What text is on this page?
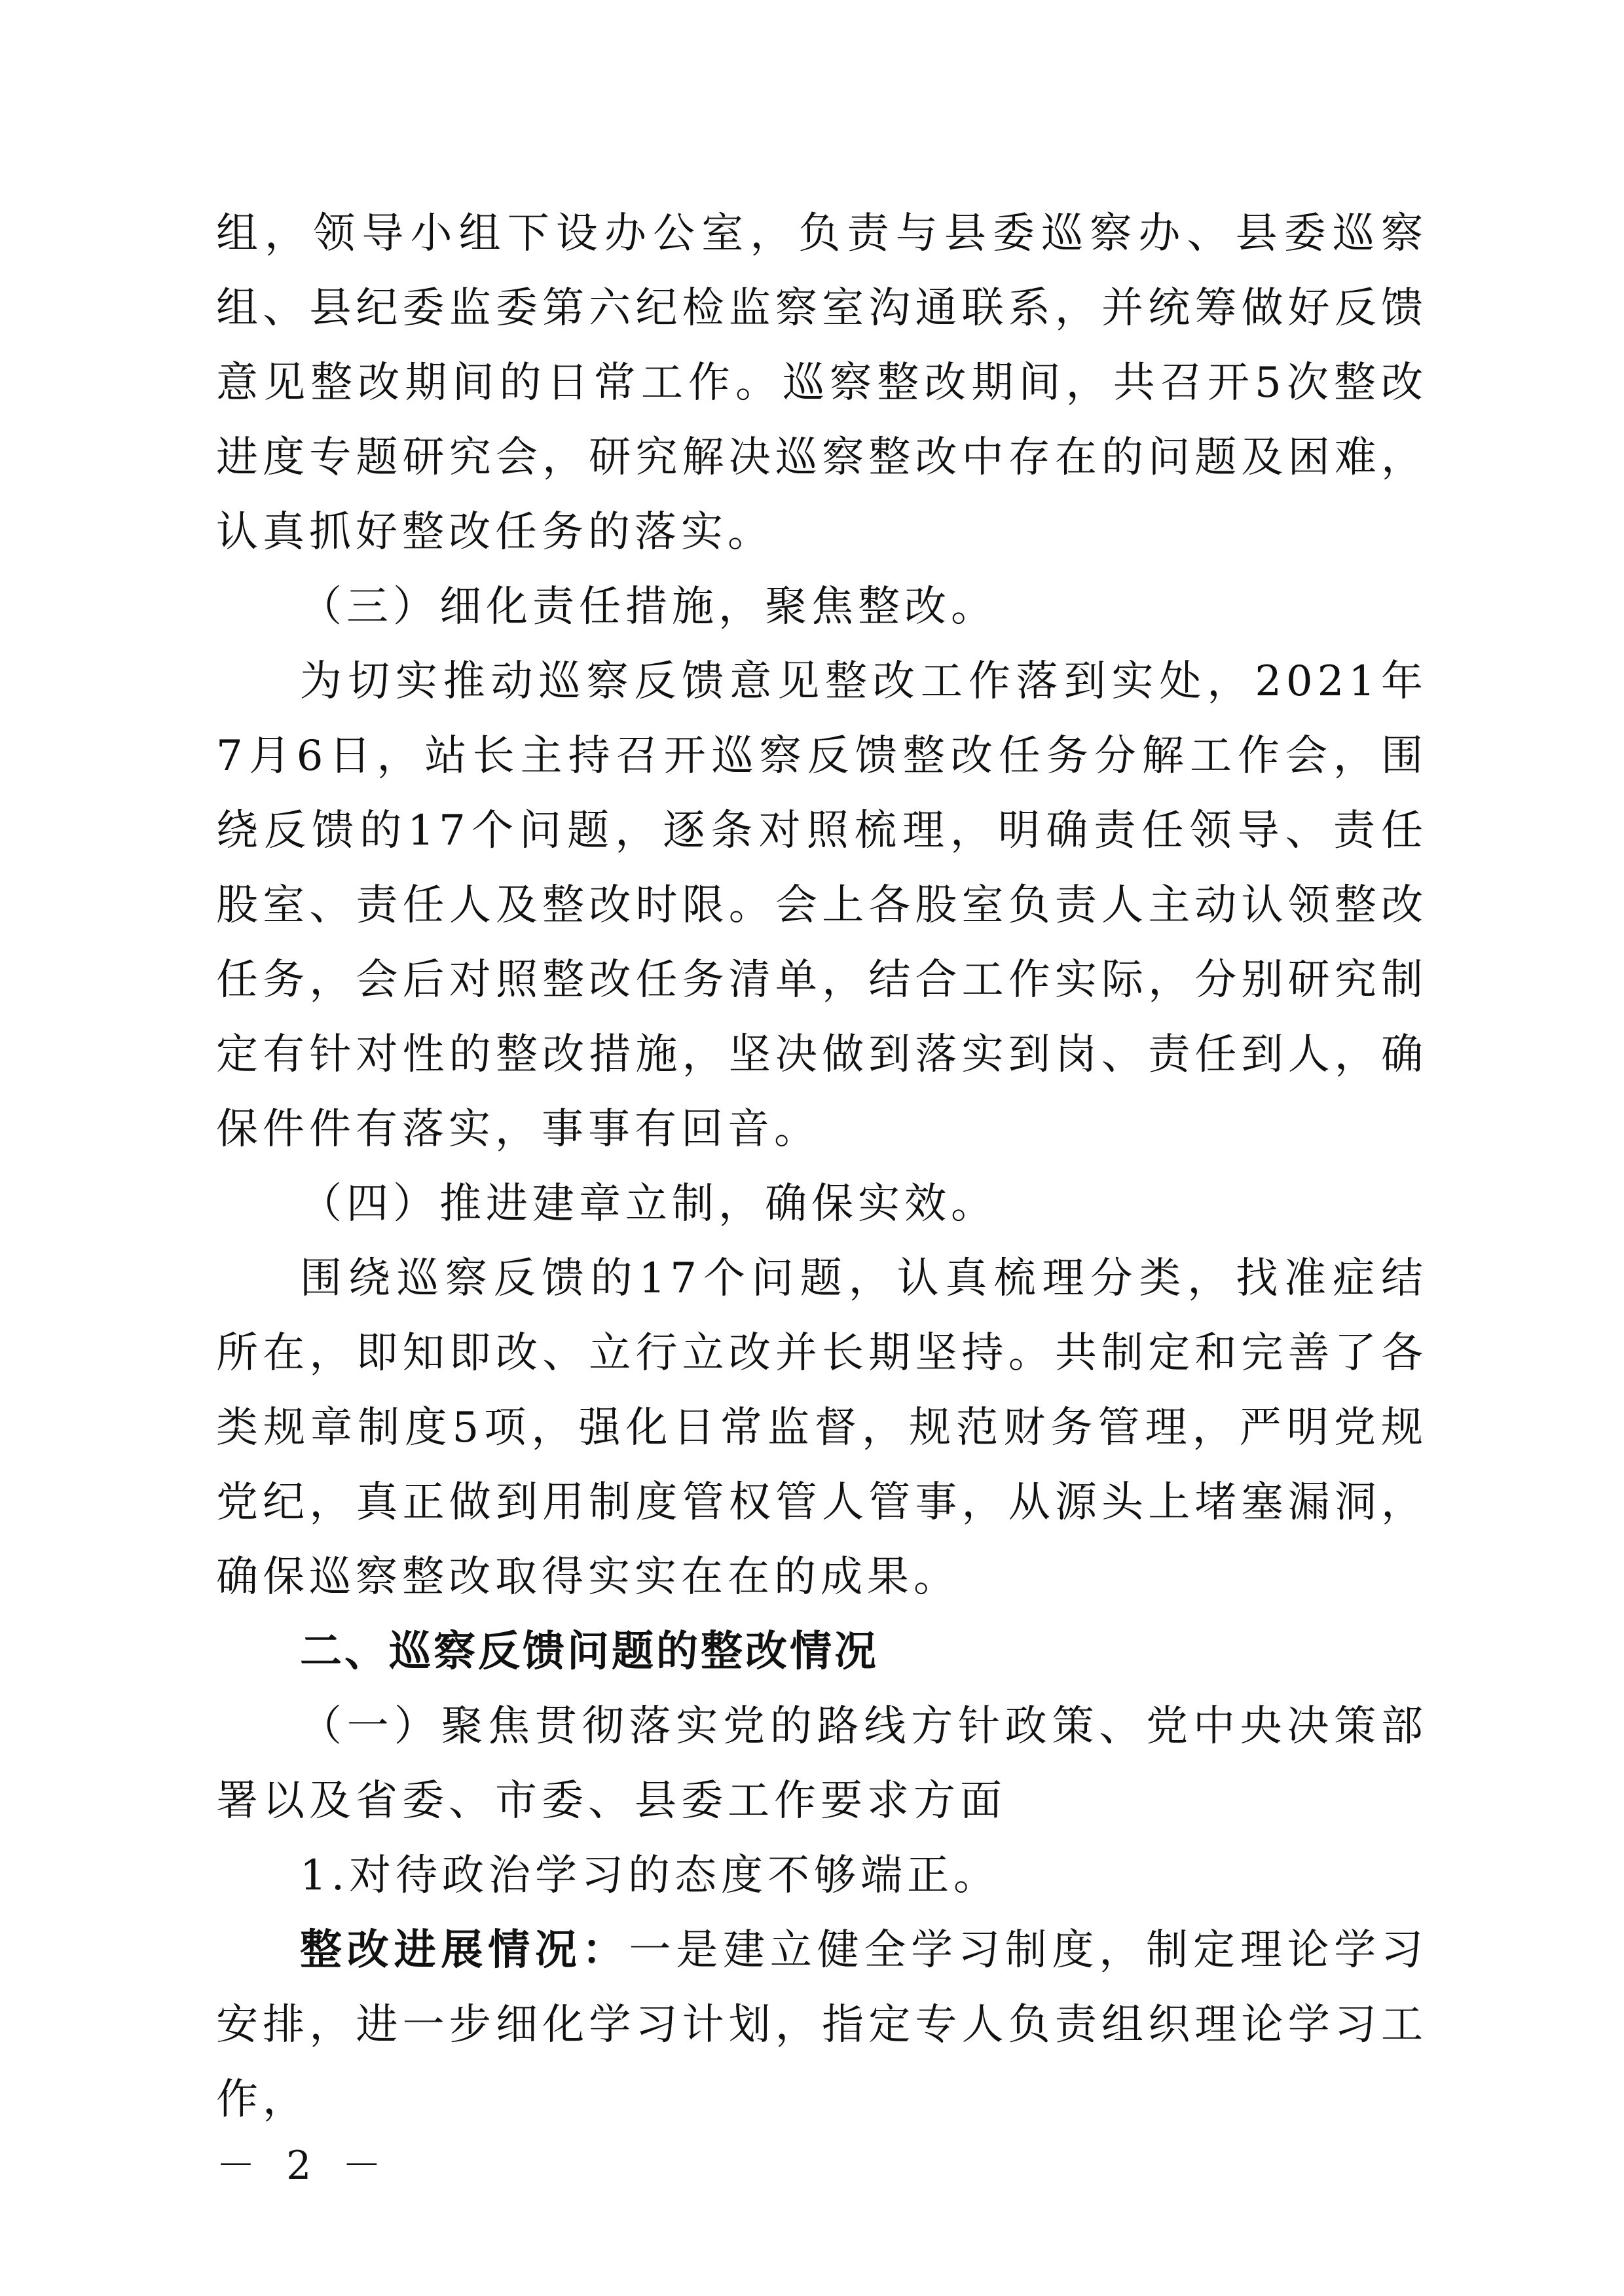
组，领导小组下设办公室，负责与县委巡察办、县委巡察组、县纪委监委第六纪检监察室沟通联系，并统筹做好反馈意见整改期间的日常工作。巡察整改期间，共召开5次整改进度专题研究会，研究解决巡察整改中存在的问题及困难，认真抓好整改任务的落实。

（三）细化责任措施，聚焦整改。

为切实推动巡察反馈意见整改工作落到实处，2021年7月6日，站长主持召开巡察反馈整改任务分解工作会，围绕反馈的17个问题，逐条对照梳理，明确责任领导、责任股室、责任人及整改时限。会上各股室负责人主动认领整改任务，会后对照整改任务清单，结合工作实际，分别研究制定有针对性的整改措施，坚决做到落实到岗、责任到人，确保件件有落实，事事有回音。

（四）推进建章立制，确保实效。

围绕巡察反馈的17个问题，认真梳理分类，找准症结所在，即知即改、立行立改并长期坚持。共制定和完善了各类规章制度5项，强化日常监督，规范财务管理，严明党规党纪，真正做到用制度管权管人管事，从源头上堵塞漏洞，确保巡察整改取得实实在在的成果。

二、巡察反馈问题的整改情况

（一）聚焦贯彻落实党的路线方针政策、党中央决策部署以及省委、市委、县委工作要求方面

1.对待政治学习的态度不够端正。

整改进展情况：一是建立健全学习制度，制定理论学习安排，进一步细化学习计划，指定专人负责组织理论学习工作，

－ 2 －
